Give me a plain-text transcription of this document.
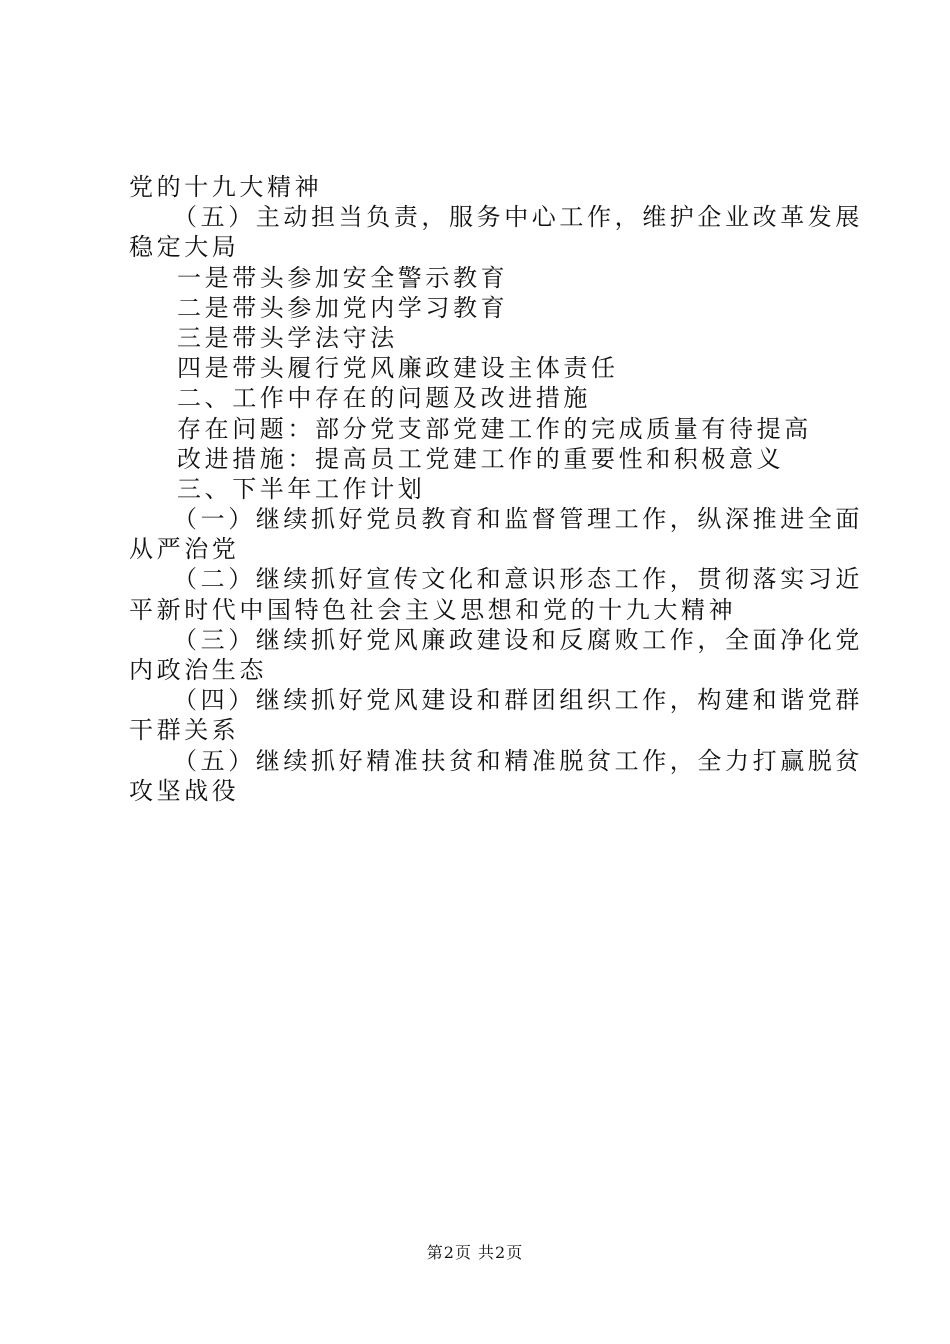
党的十九大精神
（五）主动担当负责，服务中心工作，维护企业改革发展
稳定大局
一是带头参加安全警示教育
二是带头参加党内学习教育
三是带头学法守法
四是带头履行党风廉政建设主体责任
二、工作中存在的问题及改进措施
存在问题：部分党支部党建工作的完成质量有待提高
改进措施：提高员工党建工作的重要性和积极意义
三、下半年工作计划
（一）继续抓好党员教育和监督管理工作，纵深推进全面
从严治党
（二）继续抓好宣传文化和意识形态工作，贯彻落实习近
平新时代中国特色社会主义思想和党的十九大精神
（三）继续抓好党风廉政建设和反腐败工作，全面净化党
内政治生态
（四）继续抓好党风建设和群团组织工作，构建和谐党群
干群关系
（五）继续抓好精准扶贫和精准脱贫工作，全力打赢脱贫
攻坚战役
第2页 共2页
